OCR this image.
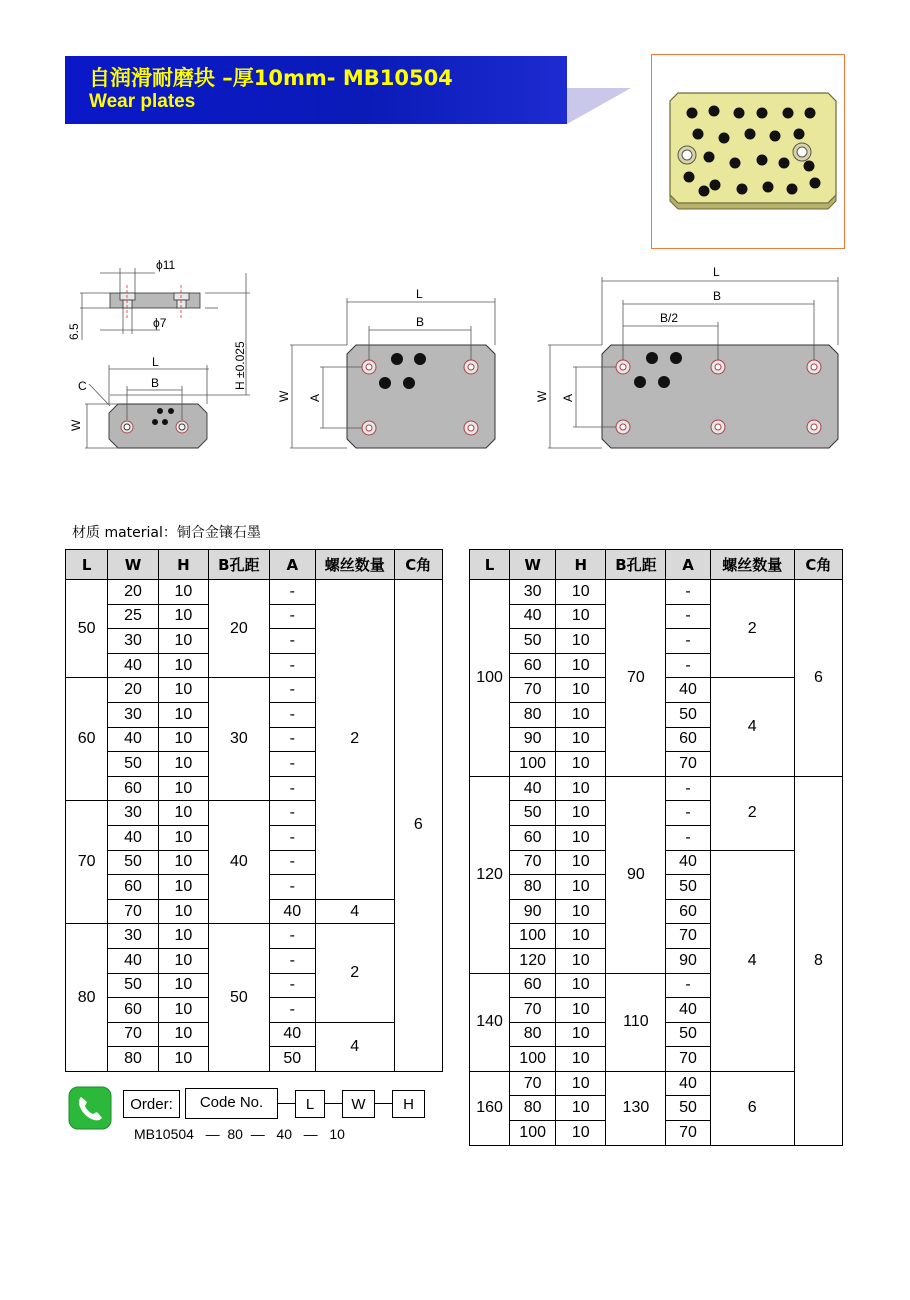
自润滑耐磨块 –厚10mm- MB10504
Wear plates
ϕ11
ϕ7
6.5
H ±0.025
L
B
W
C
L
B
W A
L
B
B/2
W A
材质 material：铜合金镶石墨
L	W	H	B孔距	A	螺丝数量	C角
50	20	10	20	-	2	6
	25	10		-		
	30	10		-		
	40	10		-		
60	20	10	30	-		
	30	10		-		
	40	10		-		
	50	10		-		
	60	10		-		
70	30	10	40	-		
	40	10		-		
	50	10		-		
	60	10		-		
	70	10		40	4	
80	30	10	50	-	2	
	40	10		-		
	50	10		-		
	60	10		-		
	70	10		40	4	
	80	10		50		
L	W	H	B孔距	A	螺丝数量	C角
100	30	10	70	-	2	6
	40	10		-		
	50	10		-		
	60	10		-		
	70	10		40	4	
	80	10		50		
	90	10		60		
	100	10		70		
120	40	10	90	-	2	8
	50	10		-		
	60	10		-		
	70	10		40	4	
	80	10		50		
	90	10		60		
	100	10		70		
	120	10		90		
140	60	10	110	-		
	70	10		40		
	80	10		50		
	100	10		70		
160	70	10	130	40	6	
	80	10		50		
	100	10		70		
Order:	Code No.	L	W	H
MB10504 — 80 — 40 — 10
